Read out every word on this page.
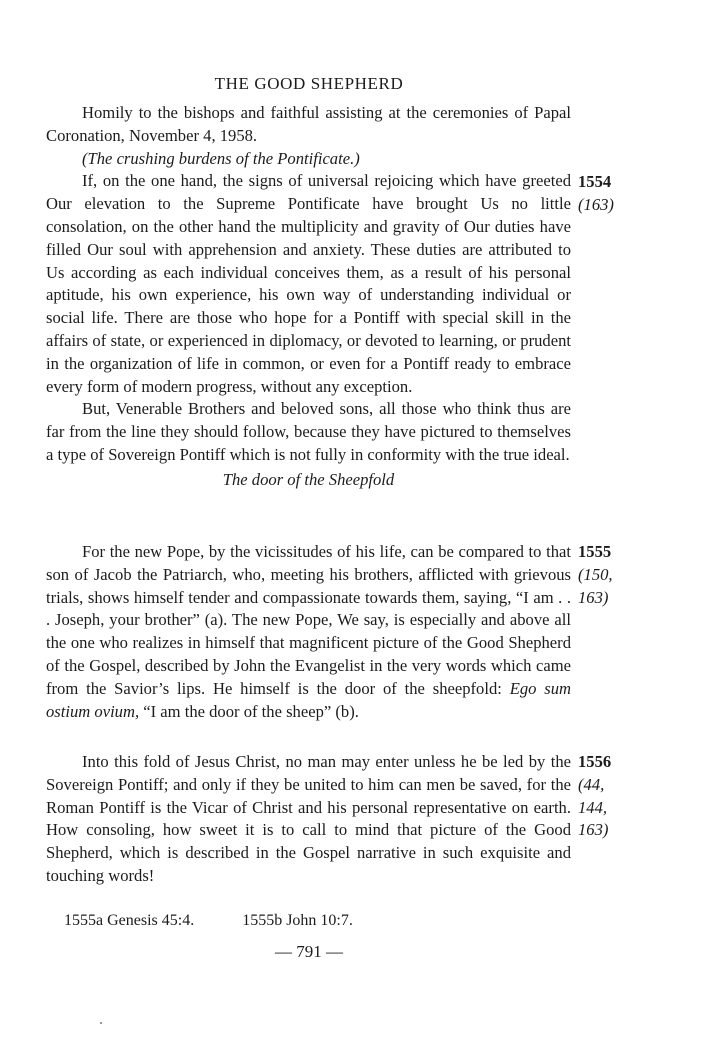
THE GOOD SHEPHERD

Homily to the bishops and faithful assisting at the ceremonies of Papal Coronation, November 4, 1958.

(The crushing burdens of the Pontificate.)

If, on the one hand, the signs of universal rejoicing which have greeted Our elevation to the Supreme Pontificate have brought Us no little consolation, on the other hand the multiplicity and gravity of Our duties have filled Our soul with apprehension and anxiety. These duties are attributed to Us according as each individual conceives them, as a result of his personal aptitude, his own experience, his own way of understanding individual or social life. There are those who hope for a Pontiff with special skill in the affairs of state, or experienced in diplomacy, or devoted to learning, or prudent in the organization of life in common, or even for a Pontiff ready to embrace every form of modern progress, without any exception.

But, Venerable Brothers and beloved sons, all those who think thus are far from the line they should follow, because they have pictured to themselves a type of Sovereign Pontiff which is not fully in conformity with the true ideal.

The door of the Sheepfold

For the new Pope, by the vicissitudes of his life, can be compared to that son of Jacob the Patriarch, who, meeting his brothers, afflicted with grievous trials, shows himself tender and compassionate towards them, saying, “I am . . . Joseph, your brother” (a). The new Pope, We say, is especially and above all the one who realizes in himself that magnificent picture of the Good Shepherd of the Gospel, described by John the Evangelist in the very words which came from the Savior’s lips. He himself is the door of the sheepfold: Ego sum ostium ovium, “I am the door of the sheep” (b).

Into this fold of Jesus Christ, no man may enter unless he be led by the Sovereign Pontiff; and only if they be united to him can men be saved, for the Roman Pontiff is the Vicar of Christ and his personal representative on earth. How consoling, how sweet it is to call to mind that picture of the Good Shepherd, which is described in the Gospel narrative in such exquisite and touching words!

1554
(163)
1555
(150,
163)
1556
(44,
144,
163)
1555a Genesis 45:4.	1555b John 10:7.
— 791 —
